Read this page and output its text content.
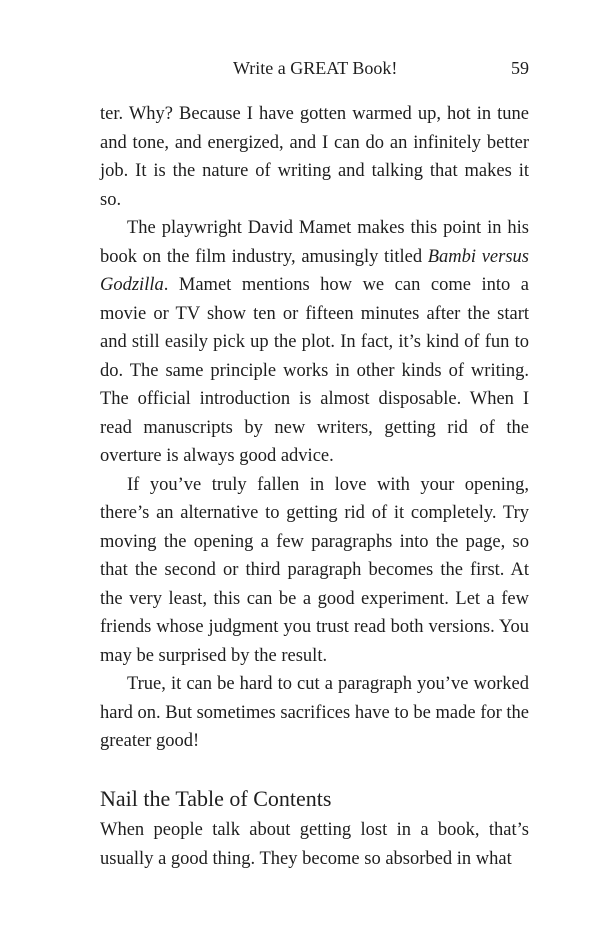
Write a GREAT Book!	59

ter. Why? Because I have gotten warmed up, hot in tune and tone, and energized, and I can do an infinitely better job. It is the nature of writing and talking that makes it so.

The playwright David Mamet makes this point in his book on the film industry, amusingly titled Bambi versus Godzilla. Mamet mentions how we can come into a movie or TV show ten or fifteen minutes after the start and still easily pick up the plot. In fact, it’s kind of fun to do. The same principle works in other kinds of writing. The official introduction is almost disposable. When I read manuscripts by new writers, getting rid of the overture is always good advice.

If you’ve truly fallen in love with your opening, there’s an alternative to getting rid of it completely. Try moving the opening a few paragraphs into the page, so that the second or third paragraph becomes the first. At the very least, this can be a good experiment. Let a few friends whose judgment you trust read both versions. You may be surprised by the result.

True, it can be hard to cut a paragraph you’ve worked hard on. But sometimes sacrifices have to be made for the greater good!

Nail the Table of Contents

When people talk about getting lost in a book, that’s usually a good thing. They become so absorbed in what
